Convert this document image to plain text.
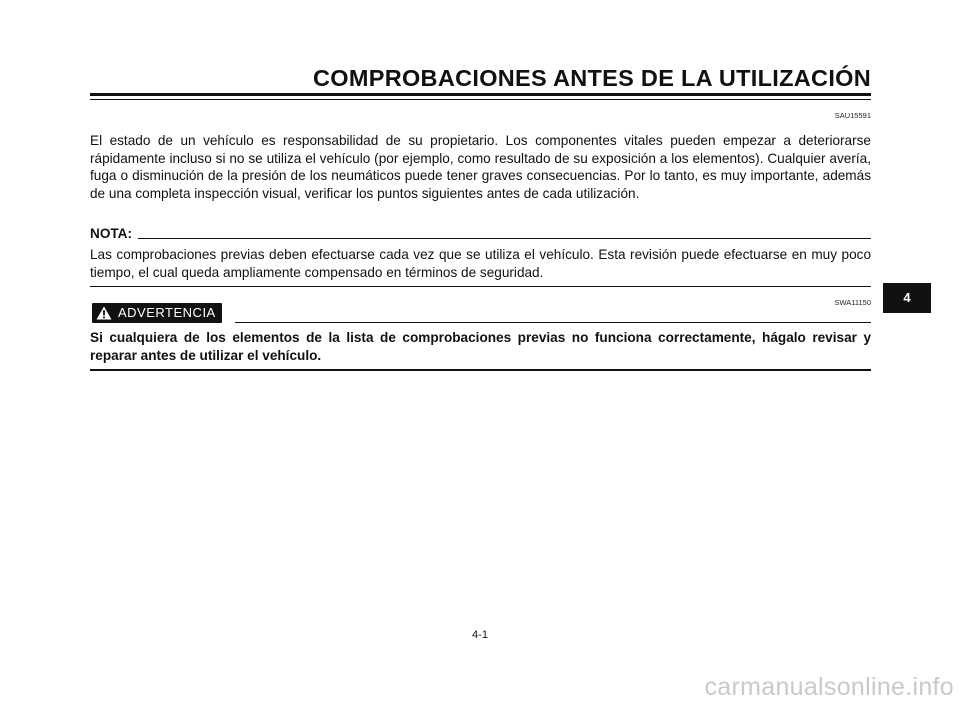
COMPROBACIONES ANTES DE LA UTILIZACIÓN
SAU15591

El estado de un vehículo es responsabilidad de su propietario. Los componentes vitales pueden empezar a deteriorarse rápidamente incluso si no se utiliza el vehículo (por ejemplo, como resultado de su exposición a los elementos). Cualquier avería, fuga o disminución de la presión de los neumáticos puede tener graves consecuencias. Por lo tanto, es muy importante, además de una completa inspección visual, verificar los puntos siguientes antes de cada utilización.

NOTA:

Las comprobaciones previas deben efectuarse cada vez que se utiliza el vehículo. Esta revisión puede efectuarse en muy poco tiempo, el cual queda ampliamente compensado en términos de seguridad.

SWA11150
ADVERTENCIA

Si cualquiera de los elementos de la lista de comprobaciones previas no funciona correctamente, hágalo revisar y reparar antes de utilizar el vehículo.

4
4-1
carmanualsonline.info
